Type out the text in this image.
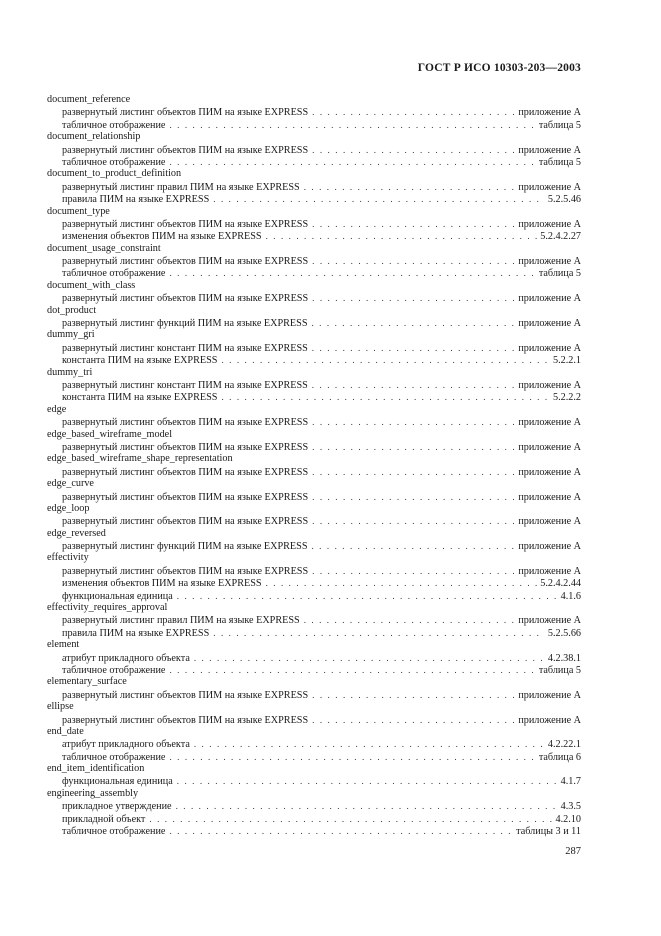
ГОСТ Р ИСО 10303-203—2003
document_reference
развернутый листинг объектов ПИМ на языке EXPRESS . . .	приложение А
табличное отображение . . .	таблица 5
document_relationship
развернутый листинг объектов ПИМ на языке EXPRESS . . .	приложение А
табличное отображение . . .	таблица 5
document_to_product_definition
развернутый листинг правил ПИМ на языке EXPRESS . . .	приложение А
правила ПИМ на языке EXPRESS . . .	5.2.5.46
document_type
развернутый листинг объектов ПИМ на языке EXPRESS . . .	приложение А
изменения объектов ПИМ на языке EXPRESS . . .	5.2.4.2.27
document_usage_constraint
развернутый листинг объектов ПИМ на языке EXPRESS . . .	приложение А
табличное отображение . . .	таблица 5
document_with_class
развернутый листинг объектов ПИМ на языке EXPRESS . . .	приложение А
dot_product
развернутый листинг функций ПИМ на языке EXPRESS . . .	приложение А
dummy_gri
развернутый листинг констант ПИМ на языке EXPRESS . . .	приложение А
константа ПИМ на языке EXPRESS . . .	5.2.2.1
dummy_tri
развернутый листинг констант ПИМ на языке EXPRESS . . .	приложение А
константа ПИМ на языке EXPRESS . . .	5.2.2.2
edge
развернутый листинг объектов ПИМ на языке EXPRESS . . .	приложение А
edge_based_wireframe_model
развернутый листинг объектов ПИМ на языке EXPRESS . . .	приложение А
edge_based_wireframe_shape_representation
развернутый листинг объектов ПИМ на языке EXPRESS . . .	приложение А
edge_curve
развернутый листинг объектов ПИМ на языке EXPRESS . . .	приложение А
edge_loop
развернутый листинг объектов ПИМ на языке EXPRESS . . .	приложение А
edge_reversed
развернутый листинг функций ПИМ на языке EXPRESS . . .	приложение А
effectivity
развернутый листинг объектов ПИМ на языке EXPRESS . . .	приложение А
изменения объектов ПИМ на языке EXPRESS . . .	5.2.4.2.44
функциональная единица . . .	4.1.6
effectivity_requires_approval
развернутый листинг правил ПИМ на языке EXPRESS . . .	приложение А
правила ПИМ на языке EXPRESS . . .	5.2.5.66
element
атрибут прикладного объекта . . .	4.2.38.1
табличное отображение . . .	таблица 5
elementary_surface
развернутый листинг объектов ПИМ на языке EXPRESS . . .	приложение А
ellipse
развернутый листинг объектов ПИМ на языке EXPRESS . . .	приложение А
end_date
атрибут прикладного объекта . . .	4.2.22.1
табличное отображение . . .	таблица 6
end_item_identification
функциональная единица . . .	4.1.7
engineering_assembly
прикладное утверждение . . .	4.3.5
прикладной объект . . .	4.2.10
табличное отображение . . .	таблицы 3 и 11
287
